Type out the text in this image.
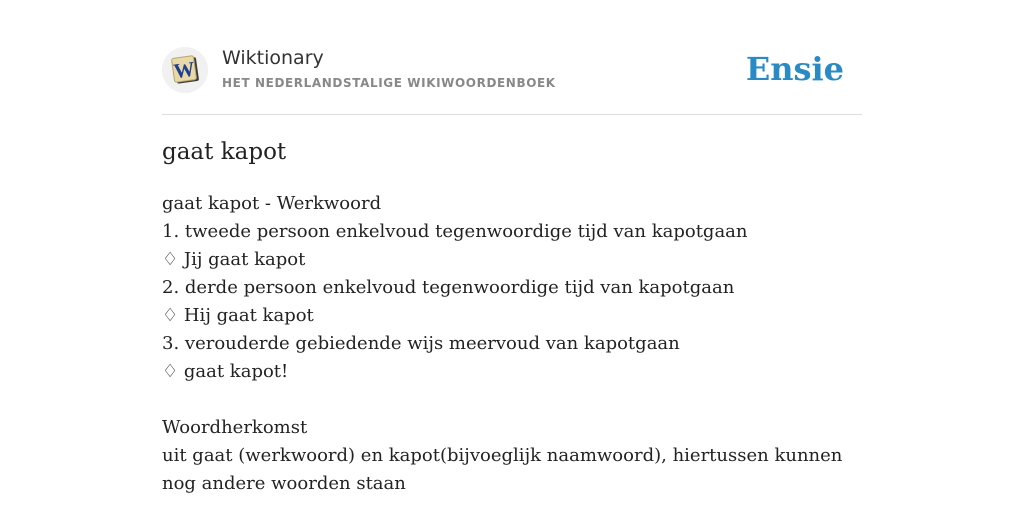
W Wiktionary
HET NEDERLANDSTALIGE WIKIWOORDENBOEK	Ensie
gaat kapot
gaat kapot - Werkwoord
1. tweede persoon enkelvoud tegenwoordige tijd van kapotgaan
♢ Jij gaat kapot
2. derde persoon enkelvoud tegenwoordige tijd van kapotgaan
♢ Hij gaat kapot
3. verouderde gebiedende wijs meervoud van kapotgaan
♢ gaat kapot!
Woordherkomst
uit gaat (werkwoord) en kapot(bijvoeglijk naamwoord), hiertussen kunnen nog andere woorden staan
